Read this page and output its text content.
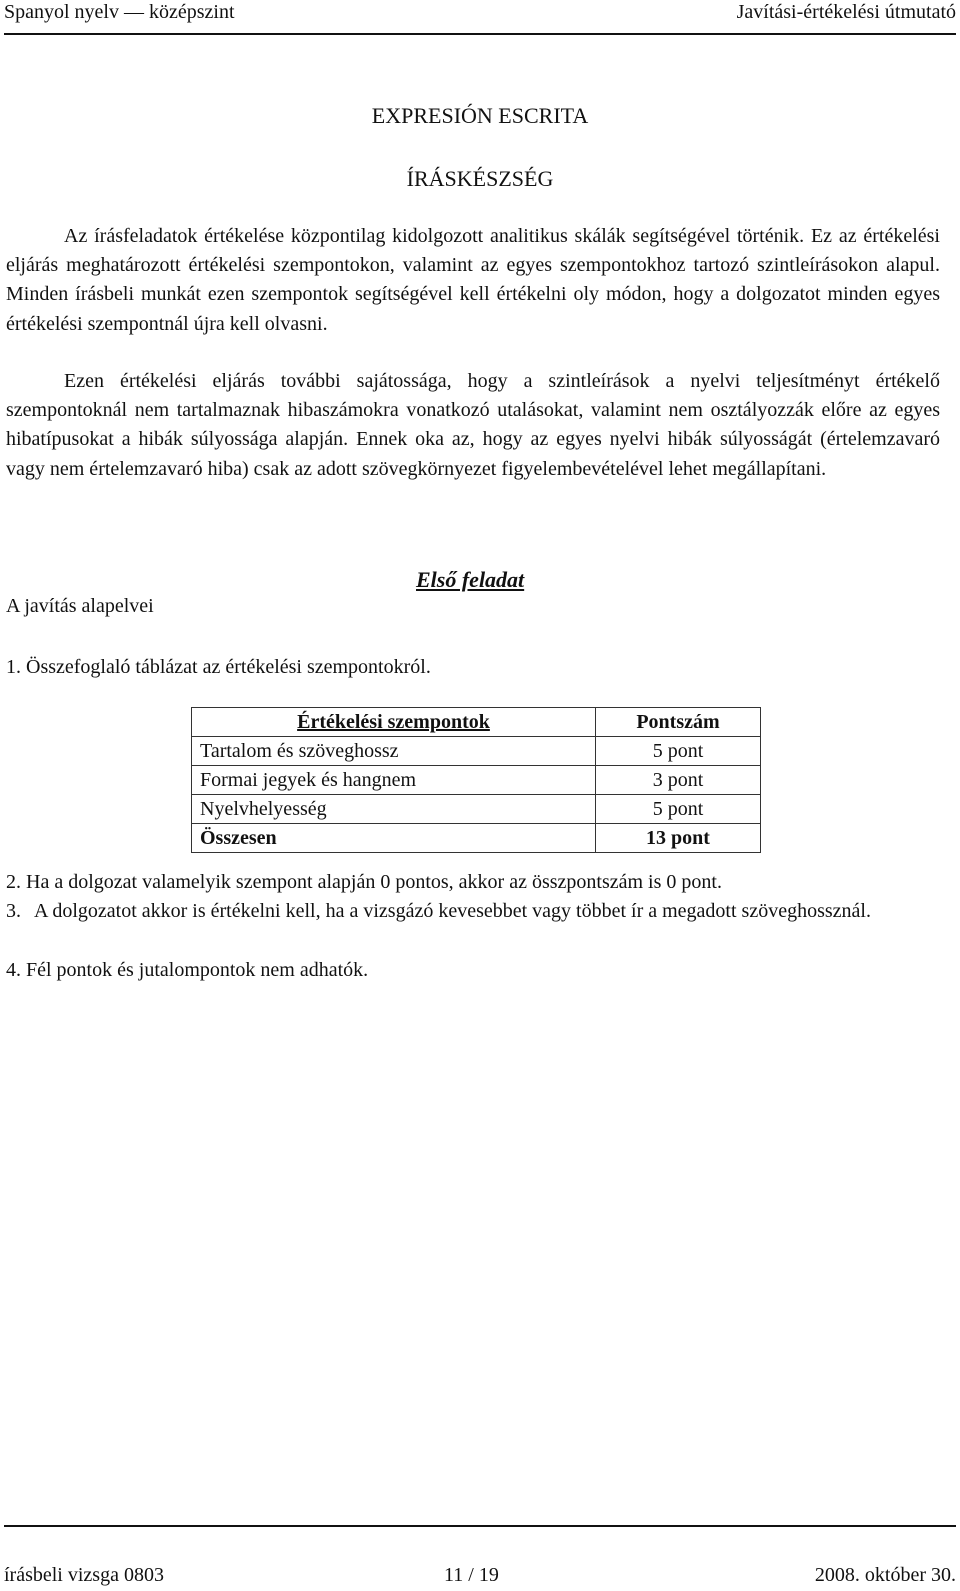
Spanyol nyelv — középszint	Javítási-értékelési útmutató
EXPRESIÓN ESCRITA
ÍRÁSKÉSZSÉG

Az írásfeladatok értékelése központilag kidolgozott analitikus skálák segítségével történik. Ez az értékelési eljárás meghatározott értékelési szempontokon, valamint az egyes szempontokhoz tartozó szintleírásokon alapul. Minden írásbeli munkát ezen szempontok segítségével kell értékelni oly módon, hogy a dolgozatot minden egyes értékelési szempontnál újra kell olvasni.

Ezen értékelési eljárás további sajátossága, hogy a szintleírások a nyelvi teljesítményt értékelő szempontoknál nem tartalmaznak hibaszámokra vonatkozó utalásokat, valamint nem osztályozzák előre az egyes hibatípusokat a hibák súlyossága alapján. Ennek oka az, hogy az egyes nyelvi hibák súlyosságát (értelemzavaró vagy nem értelemzavaró hiba) csak az adott szövegkörnyezet figyelembevételével lehet megállapítani.

A javítás alapelvei
Első feladat
1. Összefoglaló táblázat az értékelési szempontokról.
Értékelési szempontok	Pontszám
Tartalom és szöveghossz	5 pont
Formai jegyek és hangnem	3 pont
Nyelvhelyesség	5 pont
Összesen	13 pont
2. Ha a dolgozat valamelyik szempont alapján 0 pontos, akkor az összpontszám is 0 pont.
3. A dolgozatot akkor is értékelni kell, ha a vizsgázó kevesebbet vagy többet ír a megadott szöveghossznál.
4. Fél pontok és jutalompontok nem adhatók.
írásbeli vizsga 0803	11 / 19	2008. október 30.
